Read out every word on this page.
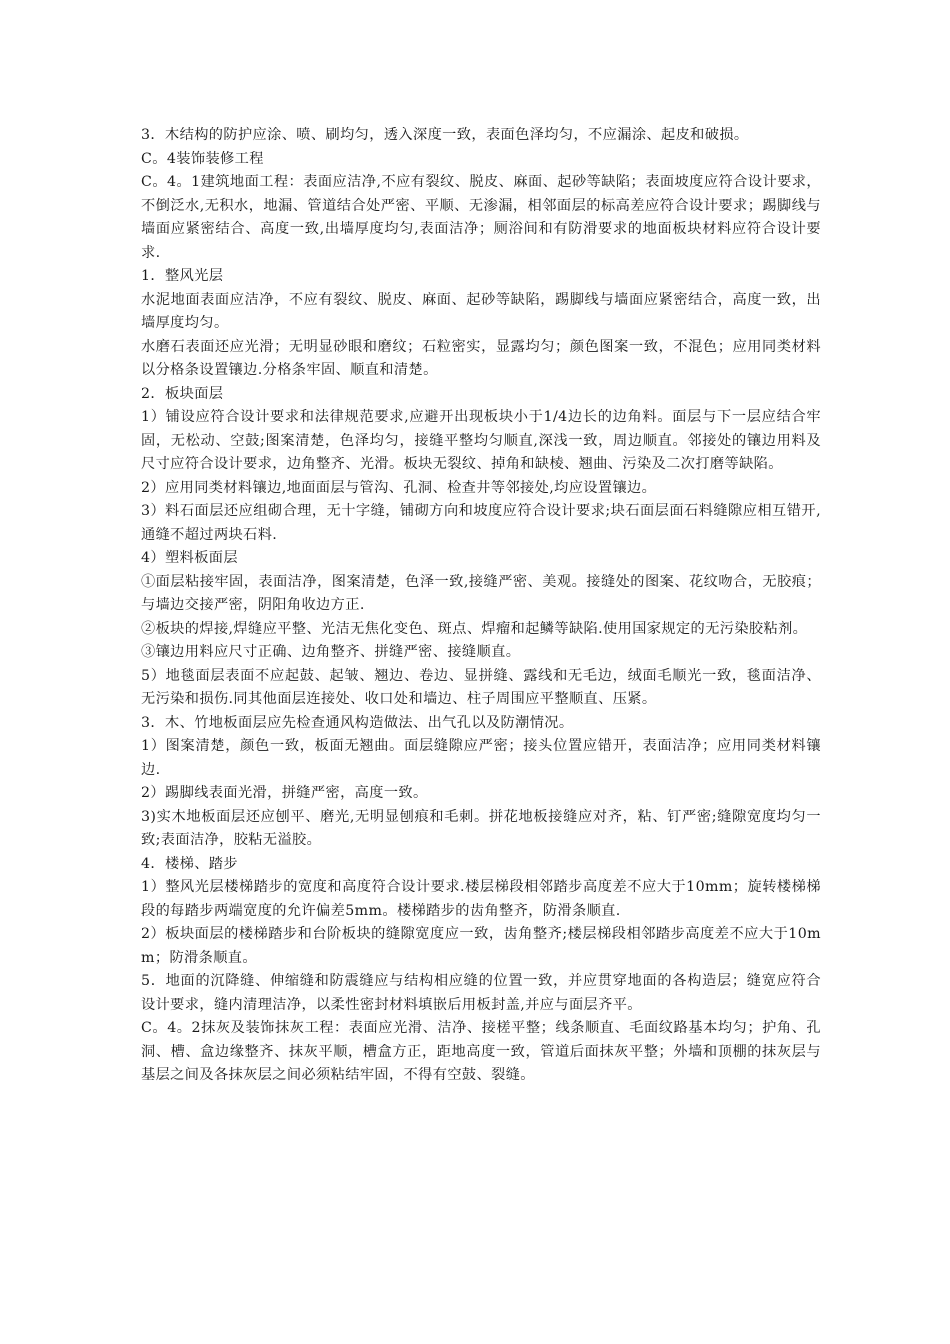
3．木结构的防护应涂、喷、刷均匀，透入深度一致，表面色泽均匀，不应漏涂、起皮和破损。

C。4装饰装修工程

C。4。1建筑地面工程：表面应洁净,不应有裂纹、脱皮、麻面、起砂等缺陷；表面坡度应符合设计要求，不倒泛水,无积水，地漏、管道结合处严密、平顺、无渗漏，相邻面层的标高差应符合设计要求；踢脚线与墙面应紧密结合、高度一致,出墙厚度均匀,表面洁净；厕浴间和有防滑要求的地面板块材料应符合设计要求.

1．整风光层

水泥地面表面应洁净，不应有裂纹、脱皮、麻面、起砂等缺陷，踢脚线与墙面应紧密结合，高度一致，出墙厚度均匀。

水磨石表面还应光滑；无明显砂眼和磨纹；石粒密实，显露均匀；颜色图案一致，不混色；应用同类材料以分格条设置镶边.分格条牢固、顺直和清楚。

2．板块面层

1）铺设应符合设计要求和法律规范要求,应避开出现板块小于1/4边长的边角料。面层与下一层应结合牢固，无松动、空鼓;图案清楚，色泽均匀，接缝平整均匀顺直,深浅一致，周边顺直。邻接处的镶边用料及尺寸应符合设计要求，边角整齐、光滑。板块无裂纹、掉角和缺棱、翘曲、污染及二次打磨等缺陷。

2）应用同类材料镶边,地面面层与管沟、孔洞、检查井等邻接处,均应设置镶边。

3）料石面层还应组砌合理，无十字缝，铺砌方向和坡度应符合设计要求;块石面层面石料缝隙应相互错开,通缝不超过两块石料.

4）塑料板面层

①面层粘接牢固，表面洁净，图案清楚，色泽一致,接缝严密、美观。接缝处的图案、花纹吻合，无胶痕；与墙边交接严密，阴阳角收边方正.

②板块的焊接,焊缝应平整、光洁无焦化变色、斑点、焊瘤和起鳞等缺陷.使用国家规定的无污染胶粘剂。

③镶边用料应尺寸正确、边角整齐、拼缝严密、接缝顺直。

5）地毯面层表面不应起鼓、起皱、翘边、卷边、显拼缝、露线和无毛边，绒面毛顺光一致，毯面洁净、无污染和损伤.同其他面层连接处、收口处和墙边、柱子周围应平整顺直、压紧。

3．木、竹地板面层应先检查通风构造做法、出气孔以及防潮情况。

1）图案清楚，颜色一致，板面无翘曲。面层缝隙应严密；接头位置应错开，表面洁净；应用同类材料镶边.

2）踢脚线表面光滑，拼缝严密，高度一致。

3)实木地板面层还应刨平、磨光,无明显刨痕和毛刺。拼花地板接缝应对齐，粘、钉严密;缝隙宽度均匀一致;表面洁净，胶粘无溢胶。

4．楼梯、踏步

1）整风光层楼梯踏步的宽度和高度符合设计要求.楼层梯段相邻踏步高度差不应大于10mm；旋转楼梯梯段的每踏步两端宽度的允许偏差5mm。楼梯踏步的齿角整齐，防滑条顺直.

2）板块面层的楼梯踏步和台阶板块的缝隙宽度应一致，齿角整齐;楼层梯段相邻踏步高度差不应大于10mm；防滑条顺直。

5．地面的沉降缝、伸缩缝和防震缝应与结构相应缝的位置一致，并应贯穿地面的各构造层；缝宽应符合设计要求，缝内清理洁净，以柔性密封材料填嵌后用板封盖,并应与面层齐平。

C。4。2抹灰及装饰抹灰工程：表面应光滑、洁净、接槎平整；线条顺直、毛面纹路基本均匀；护角、孔洞、槽、盒边缘整齐、抹灰平顺，槽盒方正，距地高度一致，管道后面抹灰平整；外墙和顶棚的抹灰层与基层之间及各抹灰层之间必须粘结牢固，不得有空鼓、裂缝。
